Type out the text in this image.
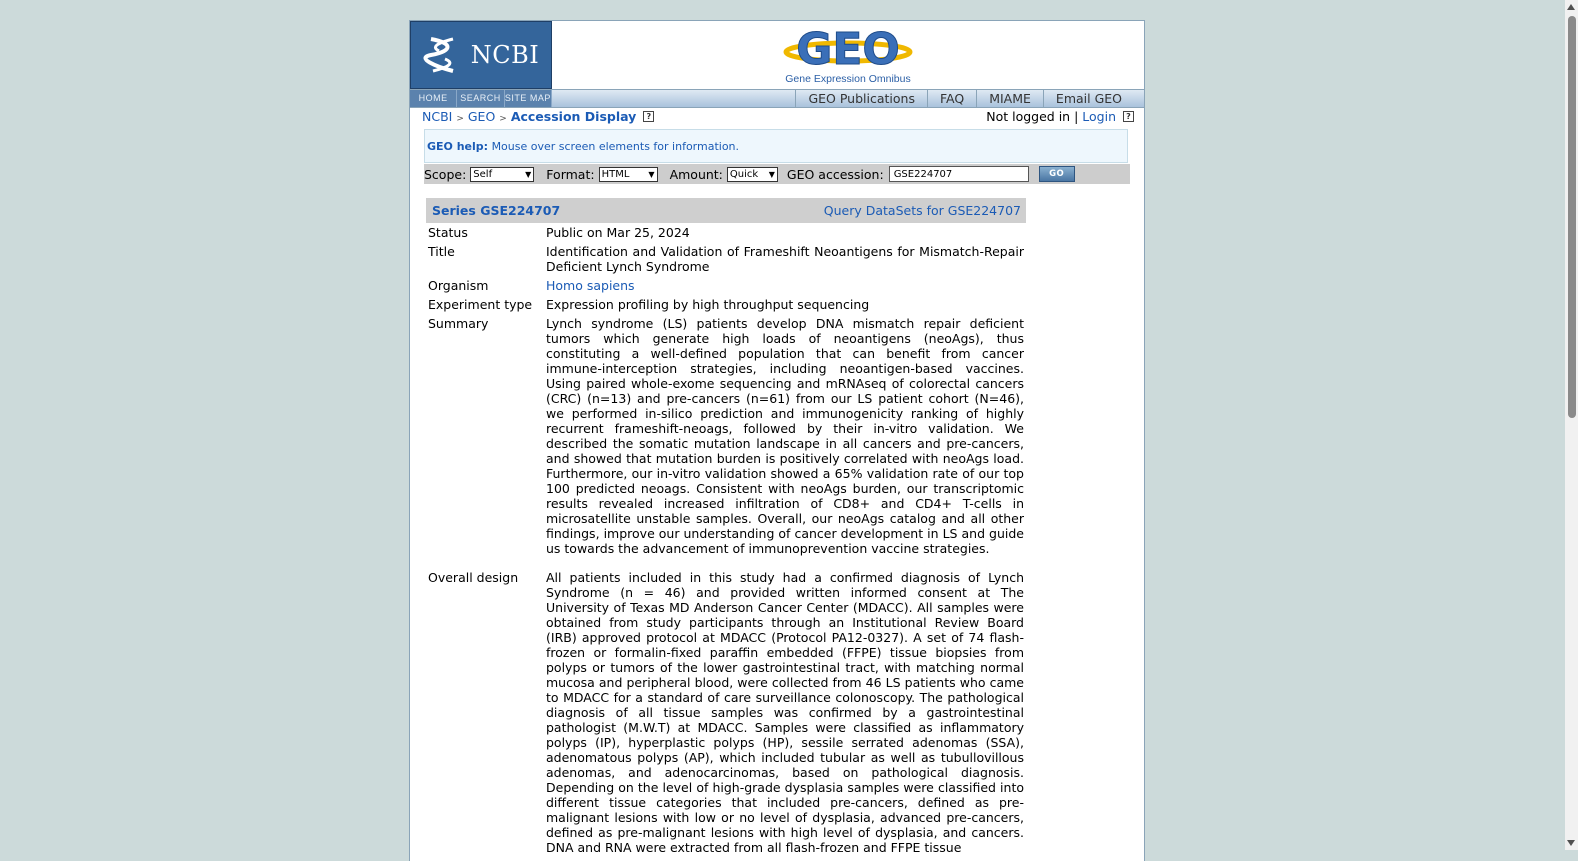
NCBI	GEO
Gene Expression Omnibus
HOME	SEARCH SITE MAP	GEO Publications	FAQ	MIAME	Email GEO
NCBI > GEO > Accession Display ?	Not logged in | Login ?
GEO help: Mouse over screen elements for information.
Scope: Self	▼ Format: HTML ▼ Amount: Quick ▼ GEO accession:
GSE224707	GO
Series GSE224707	Query DataSets for GSE224707
Status	Public on Mar 25, 2024
Title	Identification and Validation of Frameshift Neoantigens for Mismatch-Repair Deficient Lynch Syndrome
Organism	Homo sapiens
Experiment type	Expression profiling by high throughput sequencing
Summary	Lynch syndrome (LS) patients develop DNA mismatch repair deficient tumors which generate high loads of neoantigens (neoAgs), thus constituting a well-defined population that can benefit from cancer immune-interception strategies, including neoantigen-based vaccines. Using paired whole-exome sequencing and mRNAseq of colorectal cancers (CRC) (n=13) and pre-cancers (n=61) from our LS patient cohort (N=46), we performed in-silico prediction and immunogenicity ranking of highly recurrent frameshift-neoags, followed by their in-vitro validation. We described the somatic mutation landscape in all cancers and pre-cancers, and showed that mutation burden is positively correlated with neoAgs load. Furthermore, our in-vitro validation showed a 65% validation rate of our top 100 predicted neoags. Consistent with neoAgs burden, our transcriptomic results revealed increased infiltration of CD8+ and CD4+ T-cells in microsatellite unstable samples. Overall, our neoAgs catalog and all other findings, improve our understanding of cancer development in LS and guide us towards the advancement of immunoprevention vaccine strategies.
Overall design	All patients included in this study had a confirmed diagnosis of Lynch Syndrome (n = 46) and provided written informed consent at The University of Texas MD Anderson Cancer Center (MDACC). All samples were obtained from study participants through an Institutional Review Board (IRB) approved protocol at MDACC (Protocol PA12-0327). A set of 74 flash-frozen or formalin-fixed paraffin embedded (FFPE) tissue biopsies from polyps or tumors of the lower gastrointestinal tract, with matching normal mucosa and peripheral blood, were collected from 46 LS patients who came to MDACC for a standard of care surveillance colonoscopy. The pathological diagnosis of all tissue samples was confirmed by a gastrointestinal pathologist (M.W.T) at MDACC. Samples were classified as inflammatory polyps (IP), hyperplastic polyps (HP), sessile serrated adenomas (SSA), adenomatous polyps (AP), which included tubular as well as tubullovillous adenomas, and adenocarcinomas, based on pathological diagnosis. Depending on the level of high-grade dysplasia samples were classified into different tissue categories that included pre-cancers, defined as pre-malignant lesions with low or no level of dysplasia, advanced pre-cancers, defined as pre-malignant lesions with high level of dysplasia, and cancers. DNA and RNA were extracted from all flash-frozen and FFPE tissue
